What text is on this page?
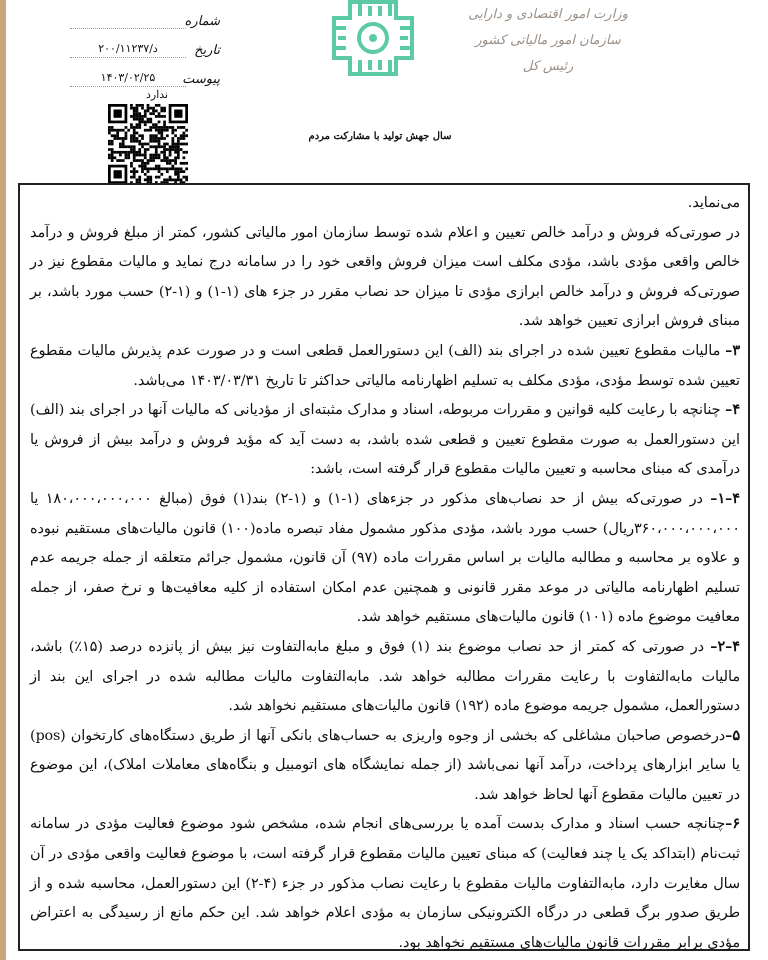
وزارت امور اقتصادی و دارایی
سازمان امور مالیاتی کشور
رئیس کل
شماره
تاریخ
د/۲۰۰/۱۱۲۳۷
پیوست
۱۴۰۳/۰۲/۲۵
ندارد
سال جهش تولید با مشارکت مردم

می‌نماید.

در صورتی‌که فروش و درآمد خالص تعیین و اعلام شده توسط سازمان امور مالیاتی کشور، کمتر از مبلغ فروش و درآمد خالص واقعی مؤدی باشد، مؤدی مکلف است میزان فروش واقعی خود را در سامانه درج نماید و مالیات مقطوع نیز در صورتی‌که فروش و درآمد خالص ابرازی مؤدی تا میزان حد نصاب مقرر در جزء های (۱-۱) و (۱-۲) حسب مورد باشد، بر مبنای فروش ابرازی تعیین خواهد شد.

۳– مالیات مقطوع تعیین شده در اجرای بند (الف) این دستورالعمل قطعی است و در صورت عدم پذیرش مالیات مقطوع تعیین شده توسط مؤدی، مؤدی مکلف به تسلیم اظهارنامه مالیاتی حداکثر تا تاریخ ۱۴۰۳/۰۳/۳۱ می‌باشد.

۴– چنانچه با رعایت کلیه قوانین و مقررات مربوطه، اسناد و مدارک مثبته‌ای از مؤدیانی که مالیات آنها در اجرای بند (الف) این دستورالعمل به صورت مقطوع تعیین و قطعی شده باشد، به دست آید که مؤید فروش و درآمد بیش از فروش یا درآمدی که مبنای محاسبه و تعیین مالیات مقطوع قرار گرفته است، باشد:

۴–۱– در صورتی‌که بیش از حد نصاب‌های مذکور در جزءهای (۱-۱) و (۱-۲) بند(۱) فوق (مبالغ ۱۸۰،۰۰۰،۰۰۰،۰۰۰ یا ۳۶۰،۰۰۰،۰۰۰،۰۰۰ریال) حسب مورد باشد، مؤدی مذکور مشمول مفاد تبصره ماده(۱۰۰) قانون مالیات‌های مستقیم نبوده و علاوه بر محاسبه و مطالبه مالیات بر اساس مقررات ماده (۹۷) آن قانون، مشمول جرائم متعلقه از جمله جریمه عدم تسلیم اظهارنامه مالیاتی در موعد مقرر قانونی و همچنین عدم امکان استفاده از کلیه معافیت‌ها و نرخ صفر، از جمله معافیت موضوع ماده (۱۰۱) قانون مالیات‌های مستقیم خواهد شد.

۴–۲– در صورتی که کمتر از حد نصاب موضوع بند (۱) فوق و مبلغ مابه‌التفاوت نیز بیش از پانزده درصد (۱۵٪) باشد، مالیات مابه‌التفاوت با رعایت مقررات مطالبه خواهد شد. مابه‌التفاوت مالیات مطالبه شده در اجرای این بند از دستورالعمل، مشمول جریمه موضوع ماده (۱۹۲) قانون مالیات‌های مستقیم نخواهد شد.

۵–درخصوص صاحبان مشاغلی که بخشی از وجوه واریزی به حساب‌های بانکی آنها از طریق دستگاه‌های کارتخوان (pos) یا سایر ابزارهای پرداخت، درآمد آنها نمی‌باشد (از جمله نمایشگاه های اتومبیل و بنگاه‌های معاملات املاک)، این موضوع در تعیین مالیات مقطوع آنها لحاظ خواهد شد.

۶–چنانچه حسب اسناد و مدارک بدست آمده یا بررسی‌های انجام شده، مشخص شود موضوع فعالیت مؤدی در سامانه ثبت‌نام (ابتداکد یک یا چند فعالیت) که مبنای تعیین مالیات مقطوع قرار گرفته است، با موضوع فعالیت واقعی مؤدی در آن سال مغایرت دارد، مابه‌التفاوت مالیات مقطوع با رعایت نصاب مذکور در جزء (۴-۲) این دستورالعمل، محاسبه شده و از طریق صدور برگ قطعی در درگاه الکترونیکی سازمان به مؤدی اعلام خواهد شد. این حکم مانع از رسیدگی به اعتراض مؤدی برابر مقررات قانون مالیات‌های مستقیم نخواهد بود.
